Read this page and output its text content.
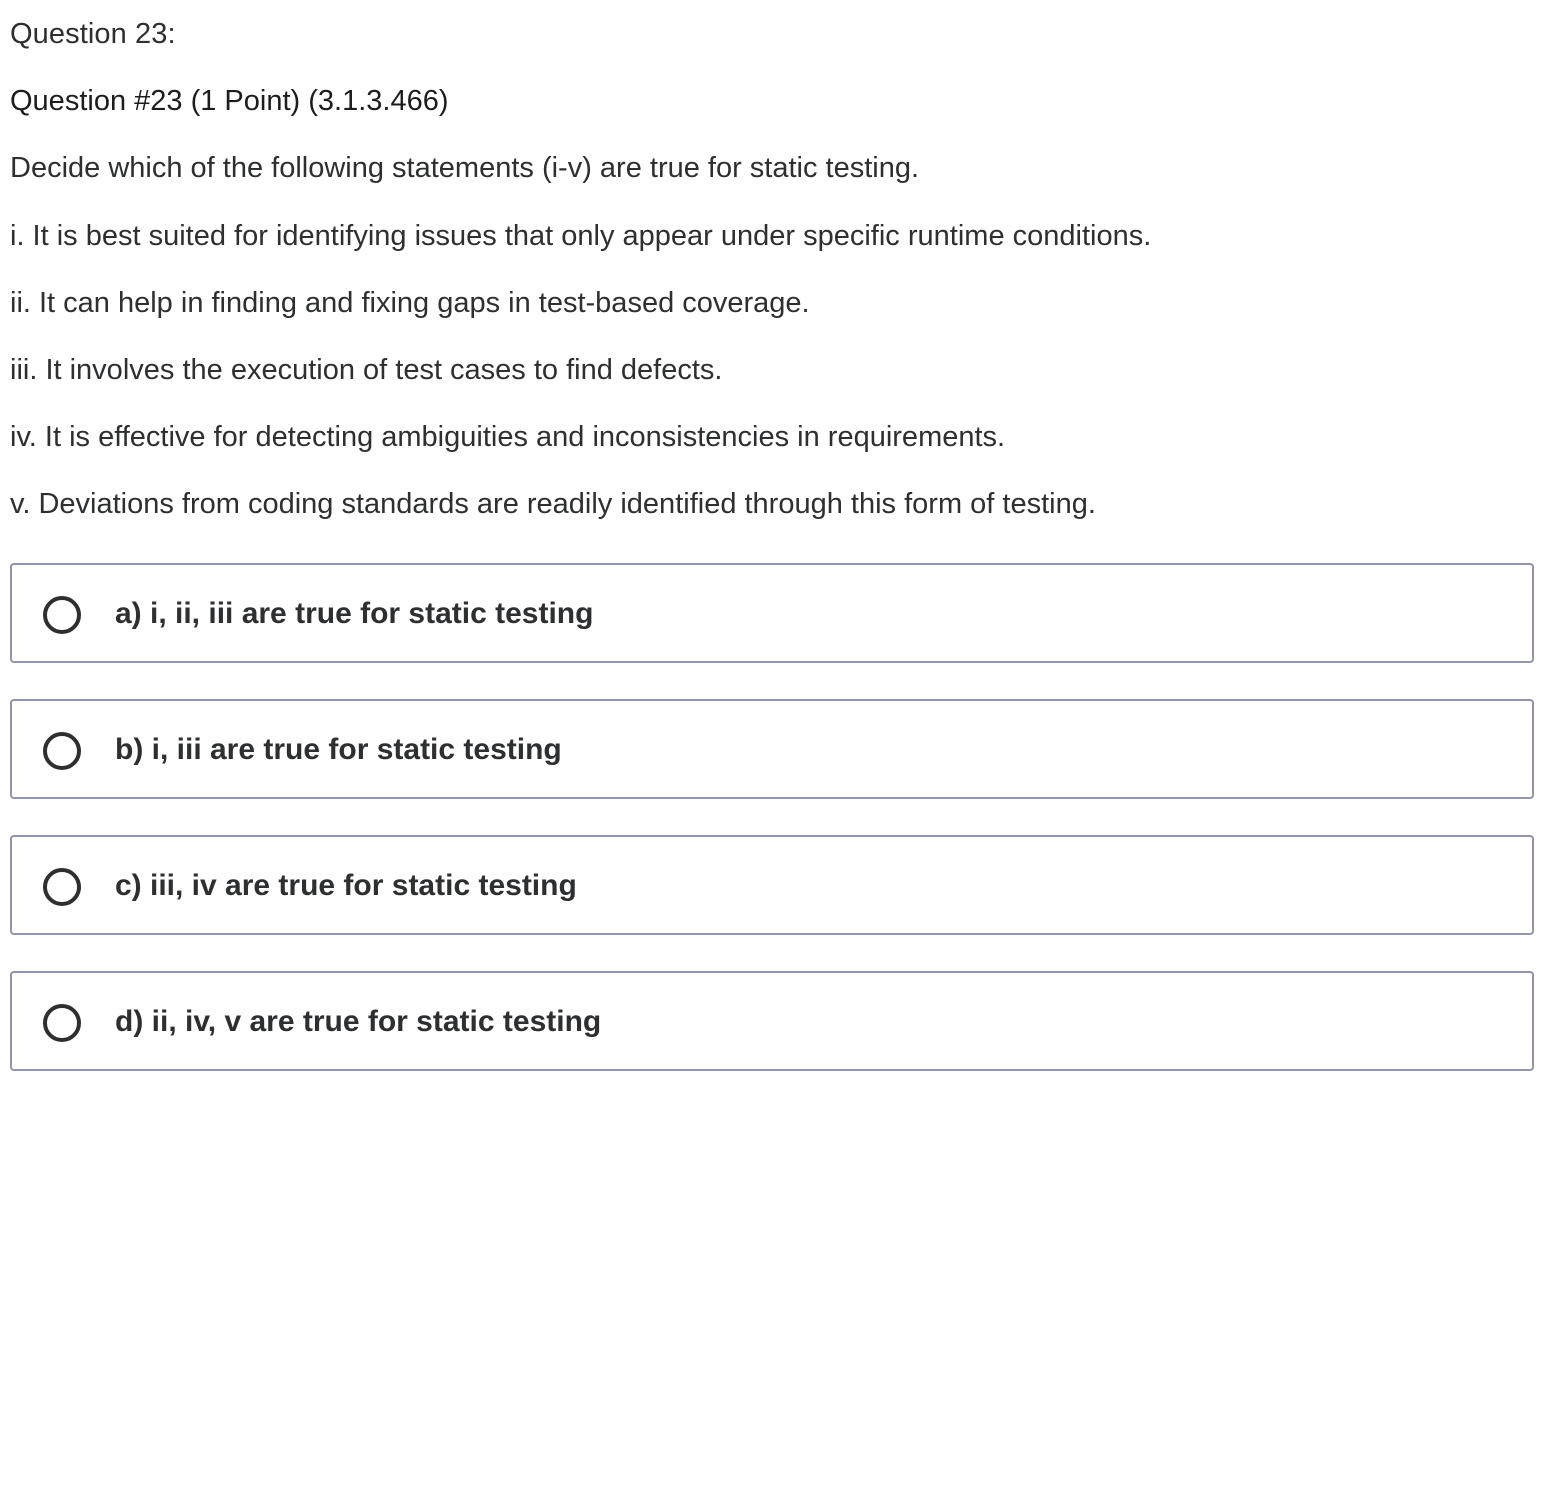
Question 23:

Question #23 (1 Point) (3.1.3.466)

Decide which of the following statements (i-v) are true for static testing.

i. It is best suited for identifying issues that only appear under specific runtime conditions.

ii. It can help in finding and fixing gaps in test-based coverage.

iii. It involves the execution of test cases to find defects.

iv. It is effective for detecting ambiguities and inconsistencies in requirements.

v. Deviations from coding standards are readily identified through this form of testing.

a) i, ii, iii are true for static testing
b) i, iii are true for static testing
c) iii, iv are true for static testing
d) ii, iv, v are true for static testing
